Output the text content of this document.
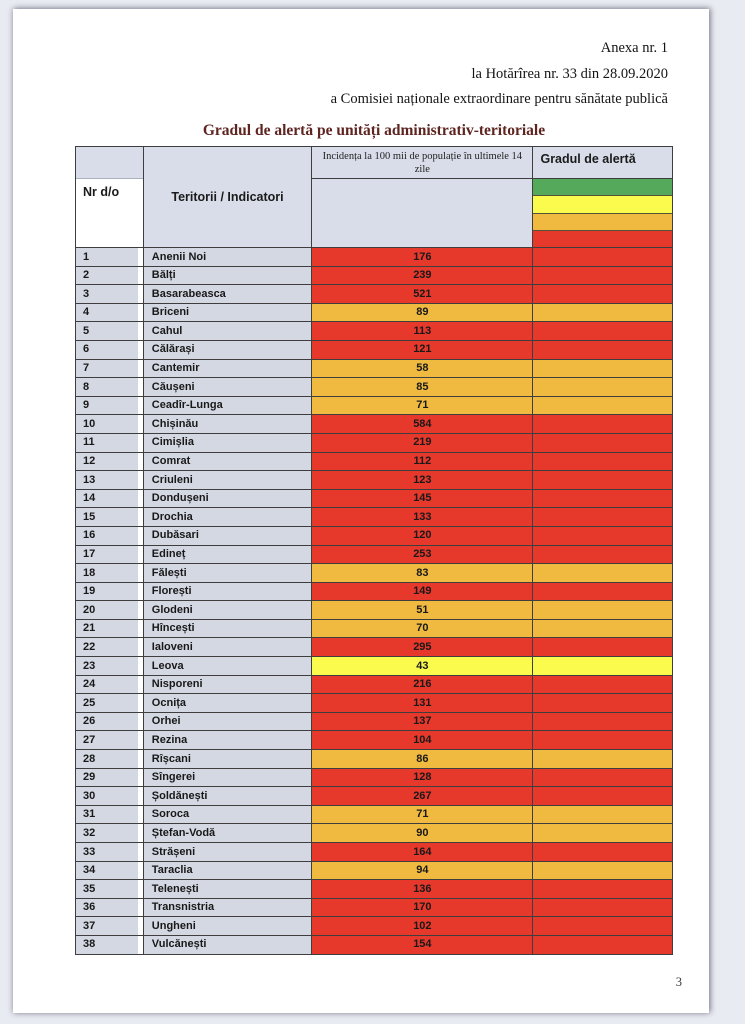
Anexa nr. 1
la Hotărîrea nr. 33 din 28.09.2020
a Comisiei naționale extraordinare pentru sănătate publică
Gradul de alertă pe unități administrativ-teritoriale
Nr d/o	Teritorii / Indicatori
Incidența la 100 mii de populație în ultimele 14 zile
Gradul de alertă
1	Anenii Noi	176
2	Bălți	239
3	Basarabeasca	521
4	Briceni	89
5	Cahul	113
6	Călărași	121
7	Cantemir	58
8	Căușeni	85
9	Ceadîr-Lunga	71
10	Chișinău	584
11	Cimișlia	219
12	Comrat	112
13	Criuleni	123
14	Dondușeni	145
15	Drochia	133
16	Dubăsari	120
17	Edineț	253
18	Fălești	83
19	Florești	149
20	Glodeni	51
21	Hîncești	70
22	Ialoveni	295
23	Leova	43
24	Nisporeni	216
25	Ocnița	131
26	Orhei	137
27	Rezina	104
28	Rîșcani	86
29	Sîngerei	128
30	Șoldănești	267
31	Soroca	71
32	Ștefan-Vodă	90
33	Strășeni	164
34	Taraclia	94
35	Telenești	136
36	Transnistria	170
37	Ungheni	102
38	Vulcănești	154
3
